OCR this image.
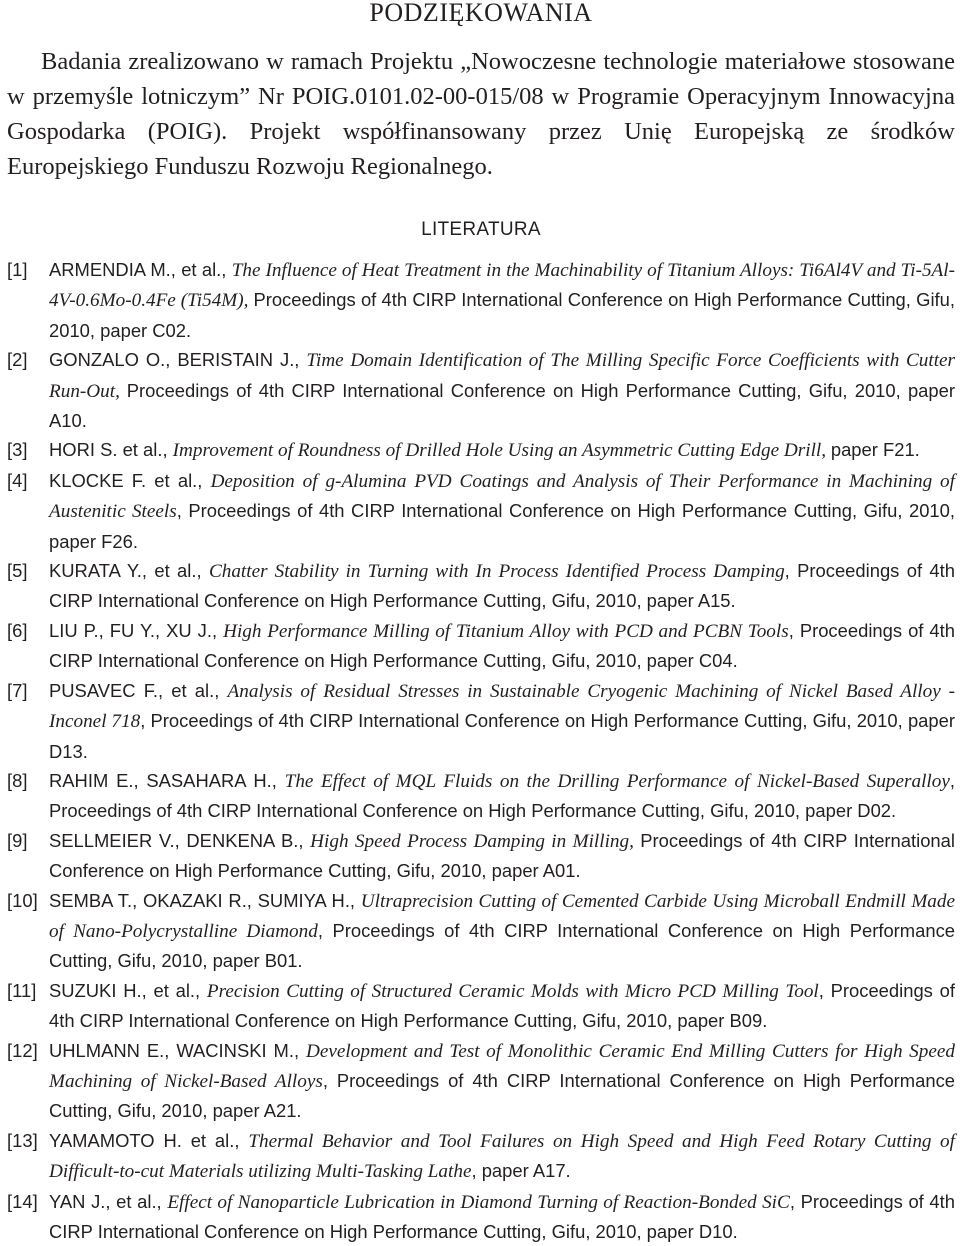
PODZIĘKOWANIA

Badania zrealizowano w ramach Projektu „Nowoczesne technologie materiałowe stosowane w przemyśle lotniczym” Nr POIG.0101.02-00-015/08 w Programie Operacyjnym Innowacyjna Gospodarka (POIG). Projekt współfinansowany przez Unię Europejską ze środków Europejskiego Funduszu Rozwoju Regionalnego.

LITERATURA
[1] ARMENDIA M., et al., The Influence of Heat Treatment in the Machinability of Titanium Alloys: Ti6Al4V and Ti-5Al-4V-0.6Mo-0.4Fe (Ti54M), Proceedings of 4th CIRP International Conference on High Performance Cutting, Gifu, 2010, paper C02.
[2] GONZALO O., BERISTAIN J., Time Domain Identification of The Milling Specific Force Coefficients with Cutter Run-Out, Proceedings of 4th CIRP International Conference on High Performance Cutting, Gifu, 2010, paper A10.
[3] HORI S. et al., Improvement of Roundness of Drilled Hole Using an Asymmetric Cutting Edge Drill, paper F21.
[4] KLOCKE F. et al., Deposition of g-Alumina PVD Coatings and Analysis of Their Performance in Machining of Austenitic Steels, Proceedings of 4th CIRP International Conference on High Performance Cutting, Gifu, 2010, paper F26.
[5] KURATA Y., et al., Chatter Stability in Turning with In Process Identified Process Damping, Proceedings of 4th CIRP International Conference on High Performance Cutting, Gifu, 2010, paper A15.
[6] LIU P., FU Y., XU J., High Performance Milling of Titanium Alloy with PCD and PCBN Tools, Proceedings of 4th CIRP International Conference on High Performance Cutting, Gifu, 2010, paper C04.
[7] PUSAVEC F., et al., Analysis of Residual Stresses in Sustainable Cryogenic Machining of Nickel Based Alloy - Inconel 718, Proceedings of 4th CIRP International Conference on High Performance Cutting, Gifu, 2010, paper D13.
[8] RAHIM E., SASAHARA H., The Effect of MQL Fluids on the Drilling Performance of Nickel-Based Superalloy, Proceedings of 4th CIRP International Conference on High Performance Cutting, Gifu, 2010, paper D02.
[9] SELLMEIER V., DENKENA B., High Speed Process Damping in Milling, Proceedings of 4th CIRP International Conference on High Performance Cutting, Gifu, 2010, paper A01.
[10] SEMBA T., OKAZAKI R., SUMIYA H., Ultraprecision Cutting of Cemented Carbide Using Microball Endmill Made of Nano-Polycrystalline Diamond, Proceedings of 4th CIRP International Conference on High Performance Cutting, Gifu, 2010, paper B01.
[11] SUZUKI H., et al., Precision Cutting of Structured Ceramic Molds with Micro PCD Milling Tool, Proceedings of 4th CIRP International Conference on High Performance Cutting, Gifu, 2010, paper B09.
[12] UHLMANN E., WACINSKI M., Development and Test of Monolithic Ceramic End Milling Cutters for High Speed Machining of Nickel-Based Alloys, Proceedings of 4th CIRP International Conference on High Performance Cutting, Gifu, 2010, paper A21.
[13] YAMAMOTO H. et al., Thermal Behavior and Tool Failures on High Speed and High Feed Rotary Cutting of Difficult-to-cut Materials utilizing Multi-Tasking Lathe, paper A17.
[14] YAN J., et al., Effect of Nanoparticle Lubrication in Diamond Turning of Reaction-Bonded SiC, Proceedings of 4th CIRP International Conference on High Performance Cutting, Gifu, 2010, paper D10.
